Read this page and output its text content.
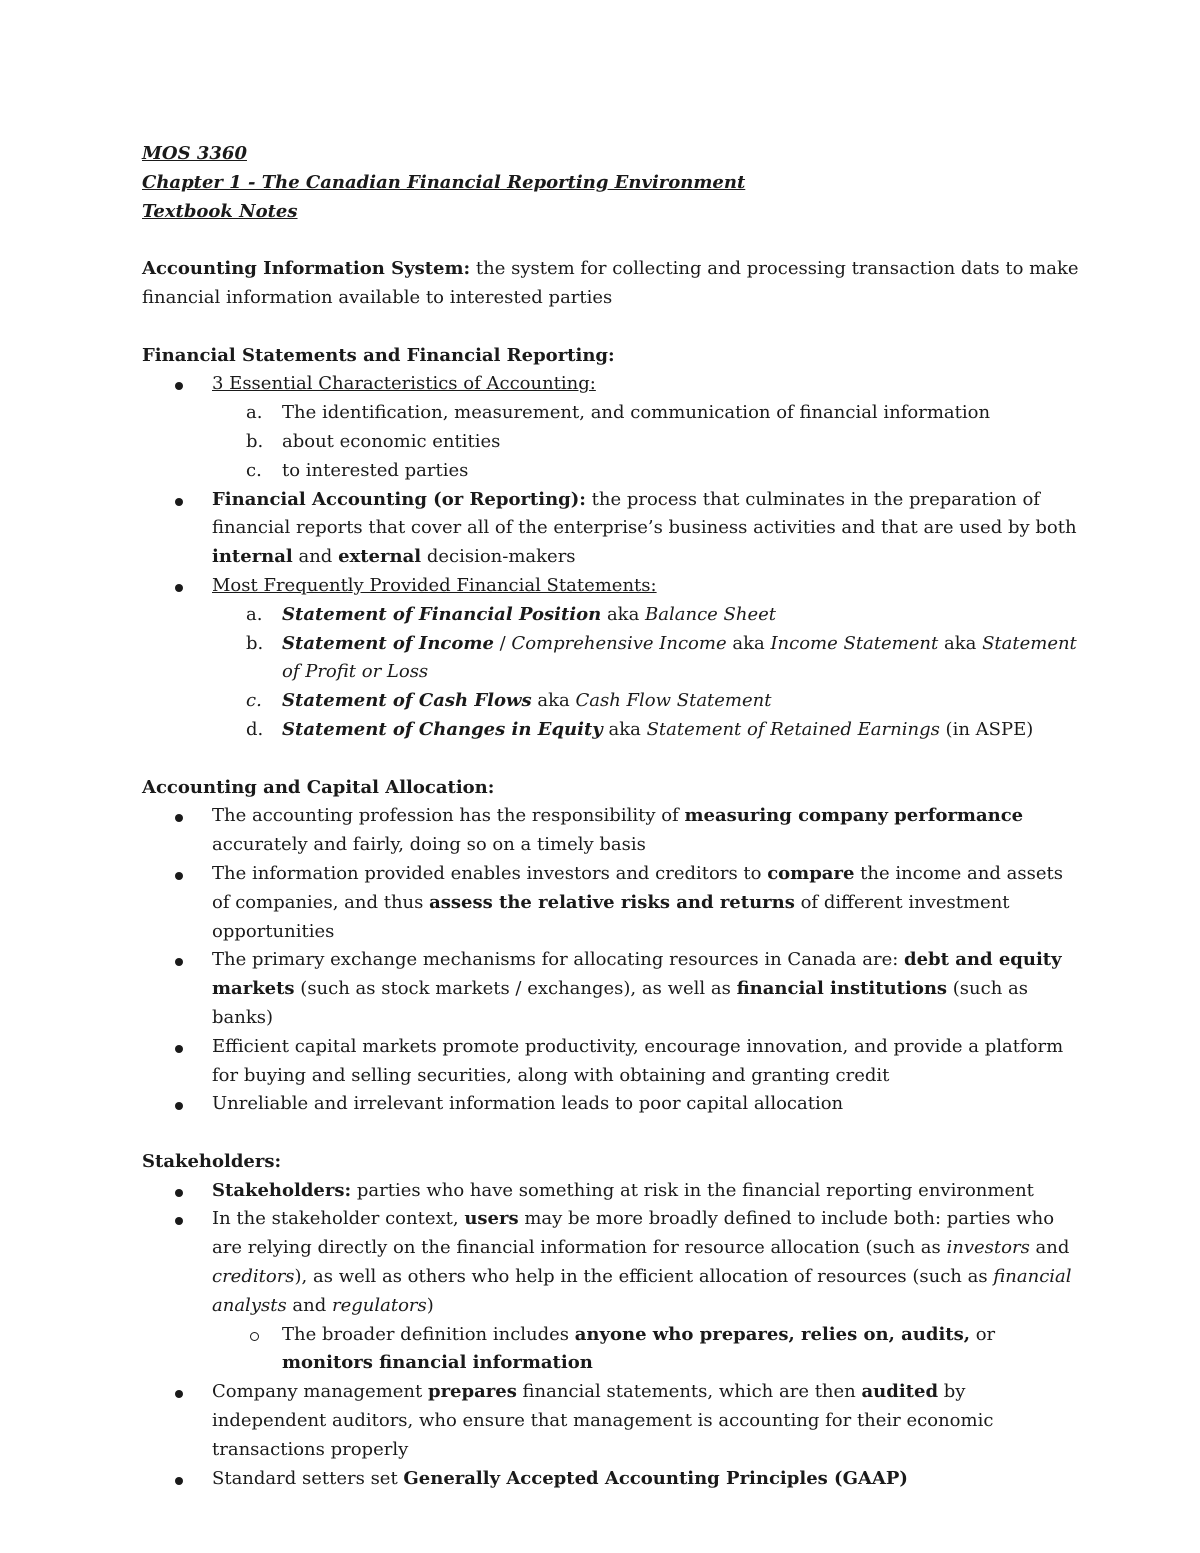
MOS 3360
Chapter 1 - The Canadian Financial Reporting Environment
Textbook Notes
Accounting Information System: the system for collecting and processing transaction dats to make financial information available to interested parties
Financial Statements and Financial Reporting:
3 Essential Characteristics of Accounting:
a. The identification, measurement, and communication of financial information
b. about economic entities
c. to interested parties
Financial Accounting (or Reporting): the process that culminates in the preparation of financial reports that cover all of the enterprise’s business activities and that are used by both internal and external decision-makers
Most Frequently Provided Financial Statements:
a. Statement of Financial Position aka Balance Sheet
b. Statement of Income / Comprehensive Income aka Income Statement aka Statement of Profit or Loss
c. Statement of Cash Flows aka Cash Flow Statement
d. Statement of Changes in Equity aka Statement of Retained Earnings (in ASPE)
Accounting and Capital Allocation:
The accounting profession has the responsibility of measuring company performance accurately and fairly, doing so on a timely basis
The information provided enables investors and creditors to compare the income and assets of companies, and thus assess the relative risks and returns of different investment opportunities
The primary exchange mechanisms for allocating resources in Canada are: debt and equity markets (such as stock markets / exchanges), as well as financial institutions (such as banks)
Efficient capital markets promote productivity, encourage innovation, and provide a platform for buying and selling securities, along with obtaining and granting credit
Unreliable and irrelevant information leads to poor capital allocation
Stakeholders:
Stakeholders: parties who have something at risk in the financial reporting environment
In the stakeholder context, users may be more broadly defined to include both: parties who are relying directly on the financial information for resource allocation (such as investors and creditors), as well as others who help in the efficient allocation of resources (such as financial analysts and regulators)
The broader definition includes anyone who prepares, relies on, audits, or monitors financial information
Company management prepares financial statements, which are then audited by independent auditors, who ensure that management is accounting for their economic transactions properly
Standard setters set Generally Accepted Accounting Principles (GAAP)
